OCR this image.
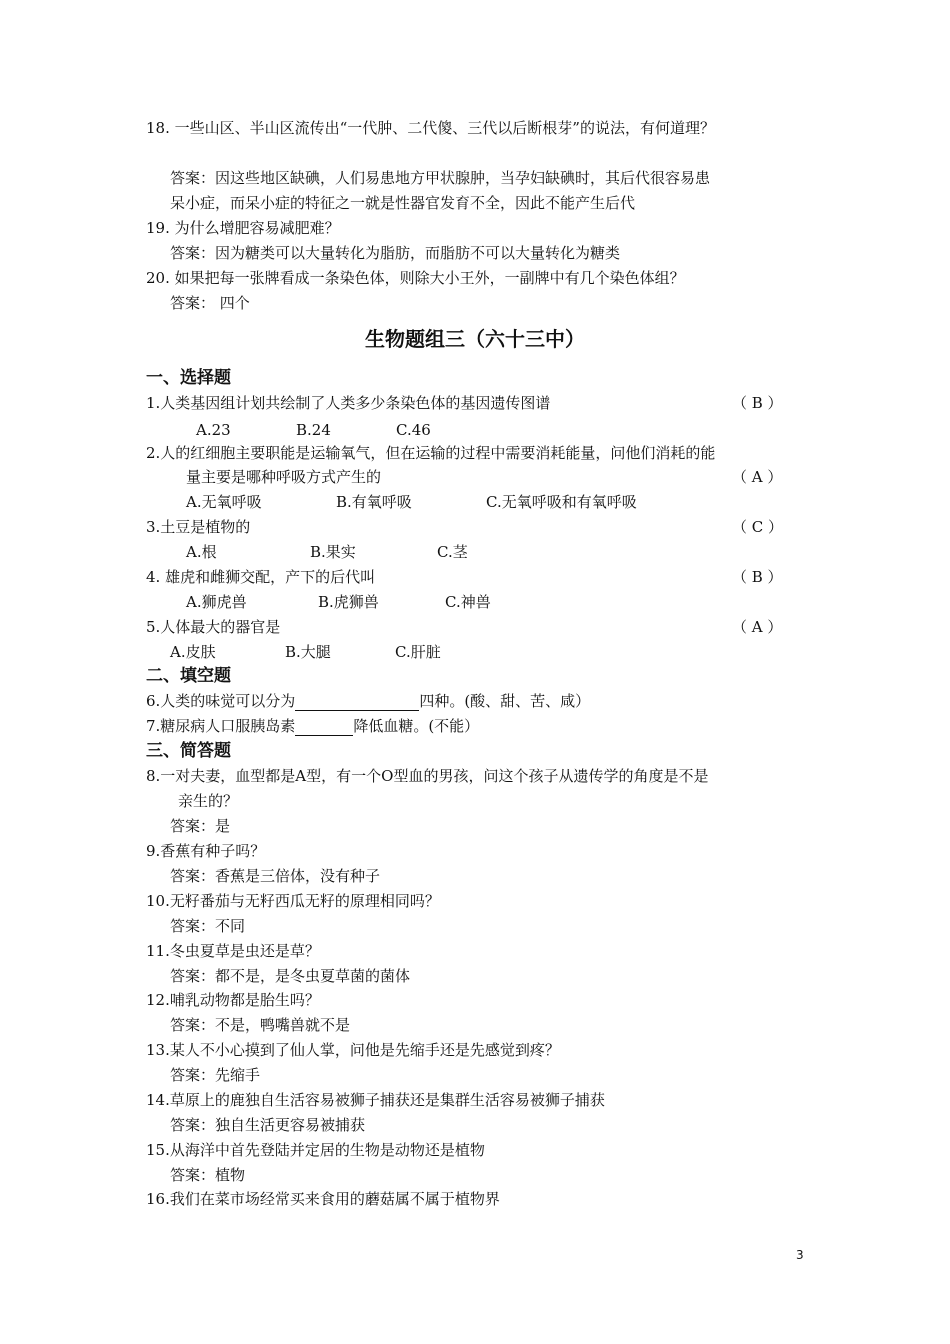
18. 一些山区、半山区流传出“一代肿、二代傻、三代以后断根芽”的说法，有何道理？
答案：因这些地区缺碘，人们易患地方甲状腺肿，当孕妇缺碘时，其后代很容易患
呆小症，而呆小症的特征之一就是性器官发育不全，因此不能产生后代
19. 为什么增肥容易减肥难？
答案：因为糖类可以大量转化为脂肪，而脂肪不可以大量转化为糖类
20. 如果把每一张牌看成一条染色体，则除大小王外，一副牌中有几个染色体组？
答案： 四个
生物题组三（六十三中）
一、选择题
1.人类基因组计划共绘制了人类多少条染色体的基因遗传图谱	（ B ）
A.23	B.24	C.46
2.人的红细胞主要职能是运输氧气，但在运输的过程中需要消耗能量，问他们消耗的能
量主要是哪种呼吸方式产生的	（ A ）
A.无氧呼吸	B.有氧呼吸	C.无氧呼吸和有氧呼吸
3.土豆是植物的	（ C ）
A.根	B.果实	C.茎
4. 雄虎和雌狮交配，产下的后代叫	（ B ）
A.狮虎兽	B.虎狮兽	C.神兽
5.人体最大的器官是	（ A ）
A.皮肤	B.大腿	C.肝脏
二、填空题
6.人类的味觉可以分为	四种。(酸、甜、苦、咸）
7.糖尿病人口服胰岛素	降低血糖。(不能）
三、简答题
8.一对夫妻，血型都是A型，有一个O型血的男孩，问这个孩子从遗传学的角度是不是
亲生的？
答案：是
9.香蕉有种子吗？
答案：香蕉是三倍体，没有种子
10.无籽番茄与无籽西瓜无籽的原理相同吗？
答案：不同
11.冬虫夏草是虫还是草？
答案：都不是，是冬虫夏草菌的菌体
12.哺乳动物都是胎生吗？
答案：不是，鸭嘴兽就不是
13.某人不小心摸到了仙人掌，问他是先缩手还是先感觉到疼？
答案：先缩手
14.草原上的鹿独自生活容易被狮子捕获还是集群生活容易被狮子捕获
答案：独自生活更容易被捕获
15.从海洋中首先登陆并定居的生物是动物还是植物
答案：植物
16.我们在菜市场经常买来食用的蘑菇属不属于植物界
3
